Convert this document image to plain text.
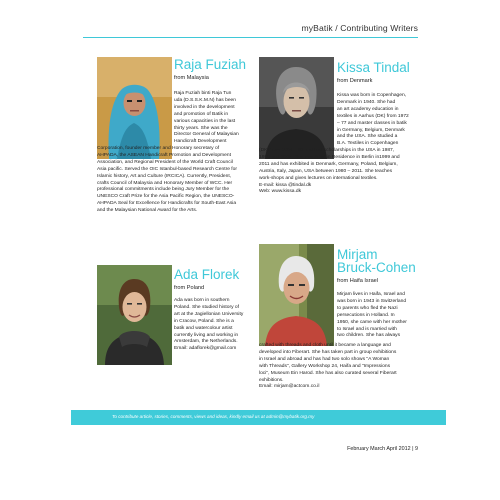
myBatik / Contributing Writers
Raja Fuziah
from Malaysia
Raja Fuziah binti Raja Tun
uda (D.S.S.K.M.N) has been
involved in the development
and promotion of Batik in
various capacities in the last
thirty years. She was the
Director General of Malaysian
Handicraft Development
Corporation, founder member and Honorary secretary of
AHPADA, the ASEAN Handicraft Promotion and Development
Association, and Regional President of the World Craft Council
Asia pacific. Served the OIC Istanbul-based Research Centre for
Islamic history, Art and Culture (IRCICA). Currently, President,
crafts Council of Malaysia and Honorary Member of WCC. Her
professional commitments include being Jury Member for the
UNESCO Craft Prize for the Asia Pacific Region, the UNESCO-
AHPADA Seal for Excellence for Handicrafts for South-East Asia
and the Malaysian National Award for the Arts.
Kissa Tindal
from Denmark
Kissa was born in Copenhagen,
Denmark in 1940. She had
an art academy education in
textiles in Aarhus (DK) from 1972
– 77 and master classes in batik
in Germany, Belgium, Denmark
and the USA. She studied a
B.A. Textiles in Copenhagen
(DK) from 1994 – 96 and had scholarships in the USA in 1987,
1990 and 2005. She was Artist in Residence in Berlin in1999 and
2011 and has exhibited in Denmark, Germany, Poland, Belgium,
Austria, Italy, Japan, USA between 1980 – 2011. She teaches
work-shops and gives lectures on international textiles.
E-mail: kissa @tindal.dk
Web: www.kissa.dk
Ada Florek
from Poland
Ada was born in southern
Poland. She studied history of
art at the Jagiellonian University
in Cracow, Poland. She is a
batik and watercolour artist
currently living and working in
Amsterdam, the Netherlands.
Email: adaflorek@gmail.com
Mirjam
Bruck-Cohen
from Haifa Israel
Mirjam lives in Haifa, Israel and
was born in 1943 in Switzerland
to parents who fled the Nazi
persecutions in Holland. In
1950, she came with her mother
to Israel and is married with
two children. She has always
crafted with threads and cloth until it became a language and
developed into Fiberart. She has taken part in group exhibitions
in Israel and abroad and has had two solo shows "A Woman
with Threads", Gallery Workshop 24, Haifa and "Impressions
loci", Museum Ein Harod. She has also curated several Fiberart
exhibitions.
Email: mirjam@actcom.co.il
To contribute article, stories, comments, views and ideas, kindly email us at admin@mybatik.org.my
February March April 2012 | 9
